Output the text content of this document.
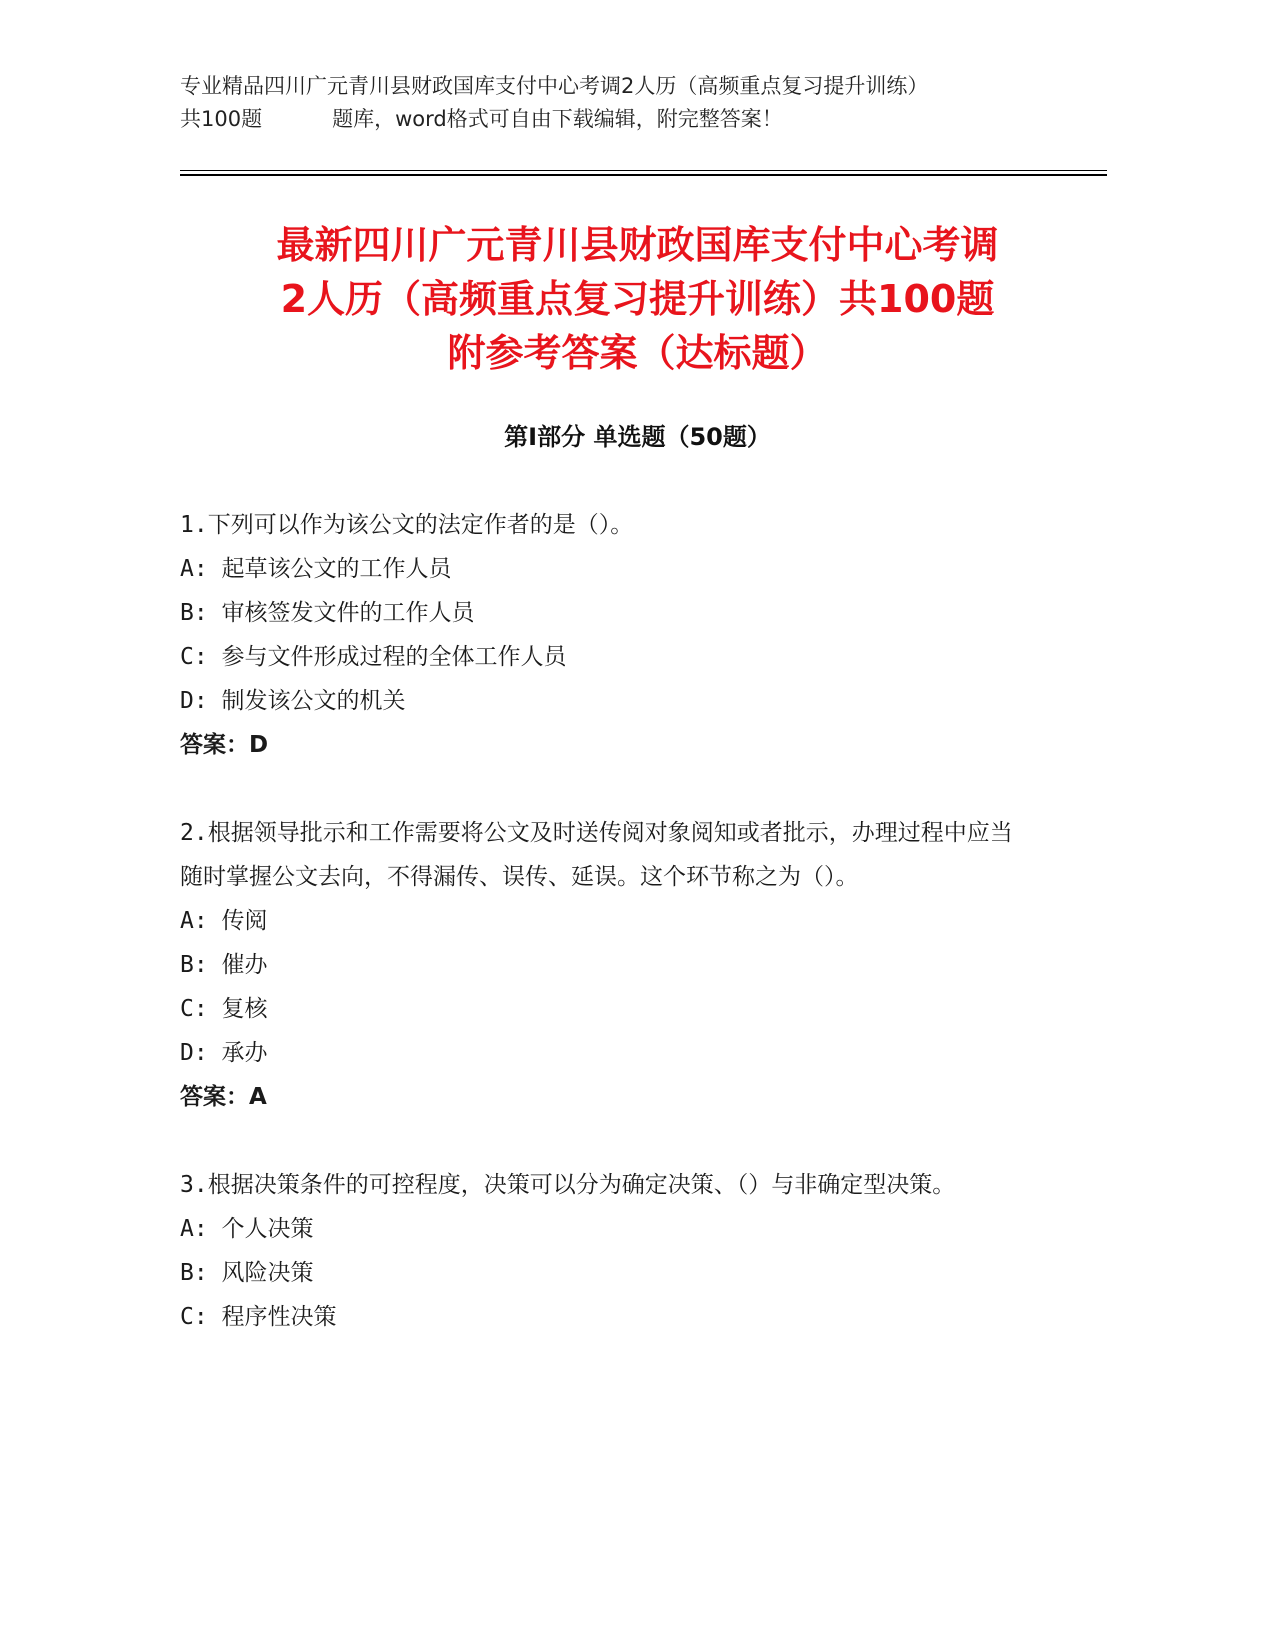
专业精品四川广元青川县财政国库支付中心考调2人历（高频重点复习提升训练）
共100题	题库，word格式可自由下载编辑，附完整答案！
最新四川广元青川县财政国库支付中心考调
2人历（高频重点复习提升训练）共100题
附参考答案（达标题）
第Ⅰ部分 单选题（50题）

1.下列可以作为该公文的法定作者的是（）。

A: 起草该公文的工作人员

B: 审核签发文件的工作人员

C: 参与文件形成过程的全体工作人员

D: 制发该公文的机关

答案：D

2.根据领导批示和工作需要将公文及时送传阅对象阅知或者批示，办理过程中应当随时掌握公文去向，不得漏传、误传、延误。这个环节称之为（）。

A: 传阅

B: 催办

C: 复核

D: 承办

答案：A

3.根据决策条件的可控程度，决策可以分为确定决策、（）与非确定型决策。

A: 个人决策

B: 风险决策

C: 程序性决策
